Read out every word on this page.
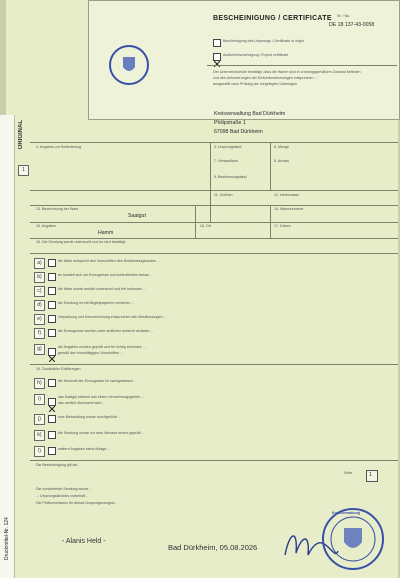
BESCHEINIGUNG / CERTIFICATE Nr. / No.
DE 18 137-43-0058
Bescheinigung des Ursprungs / Certificate of origin
Ausfuhrbescheinigung / Export certificate
Der Unterzeichnende bestätigt, dass die Waren sich in ordnungsgemäßem Zustand befinden
und den Anforderungen der Einfuhrbestimmungen entsprechen ...
ausgestellt nach Prüfung der vorgelegten Unterlagen
Kreisverwaltung Bad Dürkheim
Philipstraße 1
67098 Bad Dürkheim
ORIGINAL
1
4. Angaben zur Beförderung	5. Ursprungsland	6. Menge
7. Versandland	8. Anzahl
9. Bestimmungsland
11. Zeichen	12. Nettomasse
13. Bezeichnung der Ware
Saatgut
14. Warennummer
15. Angaben	16. Ort	17. Datum
Hamm
18. Die Sendung wurde untersucht und es wird bestätigt:
a)	die Ware entspricht den Vorschriften des Bestimmungslandes ...
b)	es handelt sich um Erzeugnisse aus kontrolliertem Anbau ...
c)	die Ware wurde amtlich untersucht und frei befunden ...
d)	die Sendung ist mit Begleitpapieren versehen ...
e)	Verpackung und Kennzeichnung entsprechen den Bestimmungen ...
f)	die Erzeugnisse wurden unter amtlicher Aufsicht verladen ...
g)	die Angaben wurden geprüft und für richtig befunden ...
gemäß den einschlägigen Vorschriften ...
19. Zusätzliche Erklärungen
h)	die Herkunft der Erzeugnisse ist nachgewiesen ...
i)	das Saatgut stammt aus einem Vermehrungsgebiet ...
das amtlich überwacht wird ...
j)	eine Behandlung wurde durchgeführt ...
k)	die Sendung wurde vor dem Versand erneut geprüft ...
l)	weitere Angaben siehe Anlage ...
Die Bescheinigung gilt als …
Seite	1
Die vorstehende Sendung wurde ...
... Ursprungslanddes vorbehalt...
Die Prüfkommission für dieses Ursprungszeugnis...
- Alanis Held -
Bad Dürkheim, 05.08.2026
Kreisverwaltung
Druckmittel-Nr. 124
